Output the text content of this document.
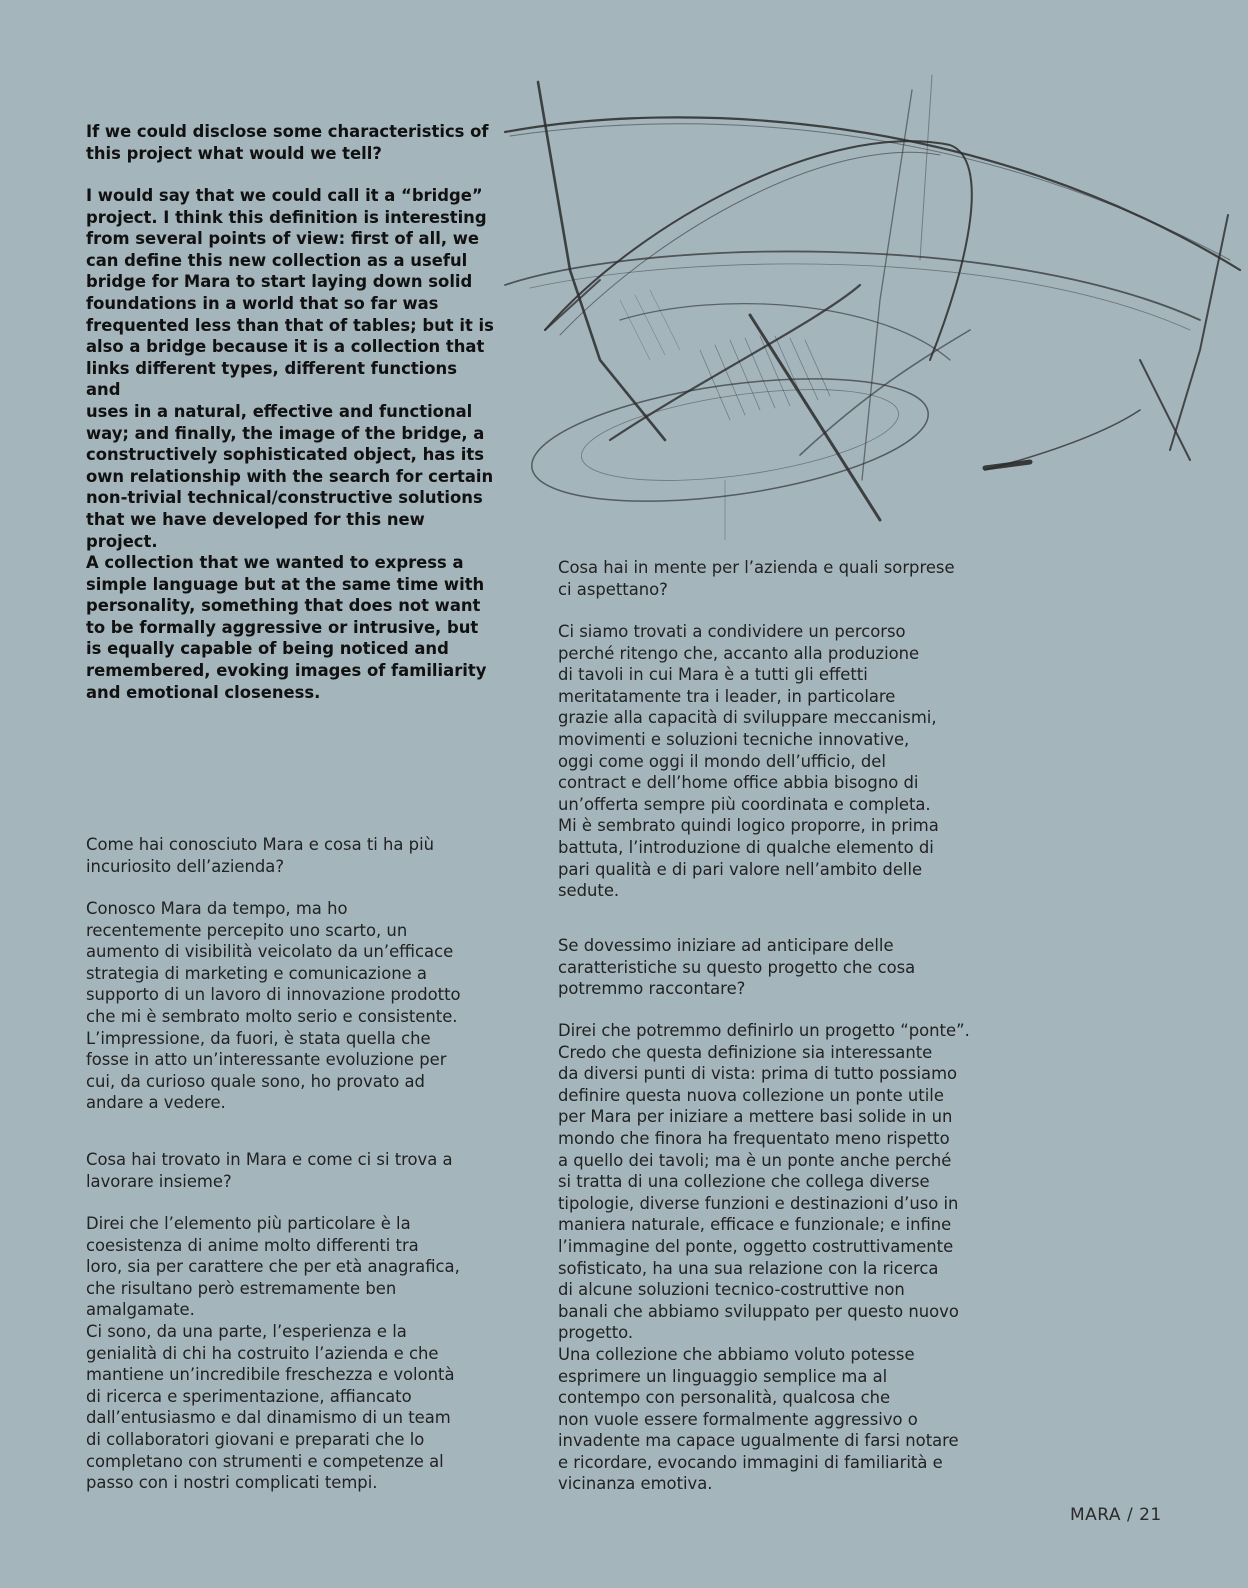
If we could disclose some characteristics of
this project what would we tell?
I would say that we could call it a “bridge”
project. I think this definition is interesting
from several points of view: first of all, we
can define this new collection as a useful
bridge for Mara to start laying down solid
foundations in a world that so far was
frequented less than that of tables; but it is
also a bridge because it is a collection that
links different types, different functions and
uses in a natural, effective and functional
way; and finally, the image of the bridge, a
constructively sophisticated object, has its
own relationship with the search for certain
non-trivial technical/constructive solutions
that we have developed for this new project.
A collection that we wanted to express a
simple language but at the same time with
personality, something that does not want
to be formally aggressive or intrusive, but
is equally capable of being noticed and
remembered, evoking images of familiarity
and emotional closeness.
Come hai conosciuto Mara e cosa ti ha più
incuriosito dell’azienda?
Conosco Mara da tempo, ma ho
recentemente percepito uno scarto, un
aumento di visibilità veicolato da un’efficace
strategia di marketing e comunicazione a
supporto di un lavoro di innovazione prodotto
che mi è sembrato molto serio e consistente.
L’impressione, da fuori, è stata quella che
fosse in atto un’interessante evoluzione per
cui, da curioso quale sono, ho provato ad
andare a vedere.
Cosa hai trovato in Mara e come ci si trova a
lavorare insieme?
Direi che l’elemento più particolare è la
coesistenza di anime molto differenti tra
loro, sia per carattere che per età anagrafica,
che risultano però estremamente ben
amalgamate.
Ci sono, da una parte, l’esperienza e la
genialità di chi ha costruito l’azienda e che
mantiene un’incredibile freschezza e volontà
di ricerca e sperimentazione, affiancato
dall’entusiasmo e dal dinamismo di un team
di collaboratori giovani e preparati che lo
completano con strumenti e competenze al
passo con i nostri complicati tempi.
Cosa hai in mente per l’azienda e quali sorprese
ci aspettano?
Ci siamo trovati a condividere un percorso
perché ritengo che, accanto alla produzione
di tavoli in cui Mara è a tutti gli effetti
meritatamente tra i leader, in particolare
grazie alla capacità di sviluppare meccanismi,
movimenti e soluzioni tecniche innovative,
oggi come oggi il mondo dell’ufficio, del
contract e dell’home office abbia bisogno di
un’offerta sempre più coordinata e completa.
Mi è sembrato quindi logico proporre, in prima
battuta, l’introduzione di qualche elemento di
pari qualità e di pari valore nell’ambito delle
sedute.
Se dovessimo iniziare ad anticipare delle
caratteristiche su questo progetto che cosa
potremmo raccontare?
Direi che potremmo definirlo un progetto “ponte”.
Credo che questa definizione sia interessante
da diversi punti di vista: prima di tutto possiamo
definire questa nuova collezione un ponte utile
per Mara per iniziare a mettere basi solide in un
mondo che finora ha frequentato meno rispetto
a quello dei tavoli; ma è un ponte anche perché
si tratta di una collezione che collega diverse
tipologie, diverse funzioni e destinazioni d’uso in
maniera naturale, efficace e funzionale; e infine
l’immagine del ponte, oggetto costruttivamente
sofisticato, ha una sua relazione con la ricerca
di alcune soluzioni tecnico-costruttive non
banali che abbiamo sviluppato per questo nuovo
progetto.
Una collezione che abbiamo voluto potesse
esprimere un linguaggio semplice ma al
contempo con personalità, qualcosa che
non vuole essere formalmente aggressivo o
invadente ma capace ugualmente di farsi notare
e ricordare, evocando immagini di familiarità e
vicinanza emotiva.
MARA / 21
